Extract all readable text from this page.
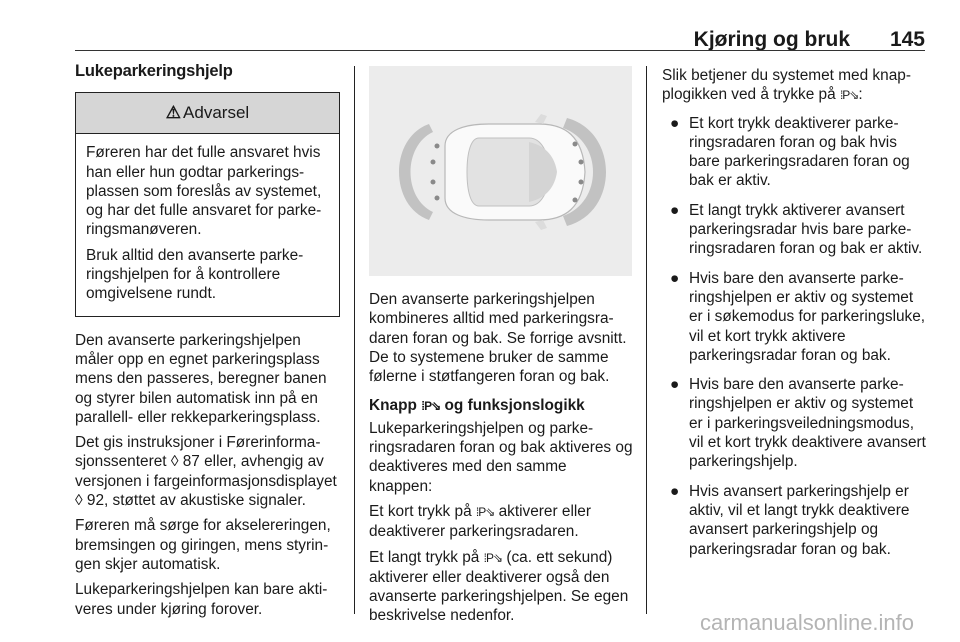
Kjøring og bruk 145
Lukeparkeringshjelp
⚠ Advarsel

Føreren har det fulle ansvaret hvis han eller hun godtar parkeringsplassen som foreslås av systemet, og har det fulle ansvaret for parkeringsmanøveren.

Bruk alltid den avanserte parkeringshjelpen for å kontrollere omgivelsene rundt.

Den avanserte parkeringshjelpen måler opp en egnet parkeringsplass mens den passeres, beregner banen og styrer bilen automatisk inn på en parallell- eller rekkeparkeringsplass.

Det gis instruksjoner i Førerinformasjonssenteret ◊ 87 eller, avhengig av versjonen i fargeinformasjonsdisplayet ◊ 92, støttet av akustiske signaler.

Føreren må sørge for akselereringen, bremsingen og giringen, mens styringen skjer automatisk.

Lukeparkeringshjelpen kan bare aktiveres under kjøring forover.

Den avanserte parkeringshjelpen kombineres alltid med parkeringsradaren foran og bak. Se forrige avsnitt. De to systemene bruker de samme følerne i støtfangeren foran og bak.

Knapp ⁞P⇘ og funksjonslogikk

Lukeparkeringshjelpen og parkeringsradaren foran og bak aktiveres og deaktiveres med den samme knappen:

Et kort trykk på ⁞P⇘ aktiverer eller deaktiverer parkeringsradaren.

Et langt trykk på ⁞P⇘ (ca. ett sekund) aktiverer eller deaktiverer også den avanserte parkeringshjelpen. Se egen beskrivelse nedenfor.

Slik betjener du systemet med knapplogikken ved å trykke på ⁞P⇘:

● Et kort trykk deaktiverer parkeringsradaren foran og bak hvis bare parkeringsradaren foran og bak er aktiv.
● Et langt trykk aktiverer avansert parkeringsradar hvis bare parkeringsradaren foran og bak er aktiv.
● Hvis bare den avanserte parkeringshjelpen er aktiv og systemet er i søkemodus for parkeringsluke, vil et kort trykk aktivere parkeringsradar foran og bak.
● Hvis bare den avanserte parkeringshjelpen er aktiv og systemet er i parkeringsveiledningsmodus, vil et kort trykk deaktivere avansert parkeringshjelp.
● Hvis avansert parkeringshjelp er aktiv, vil et langt trykk deaktivere avansert parkeringshjelp og parkeringsradar foran og bak.
carmanualsonline.info
